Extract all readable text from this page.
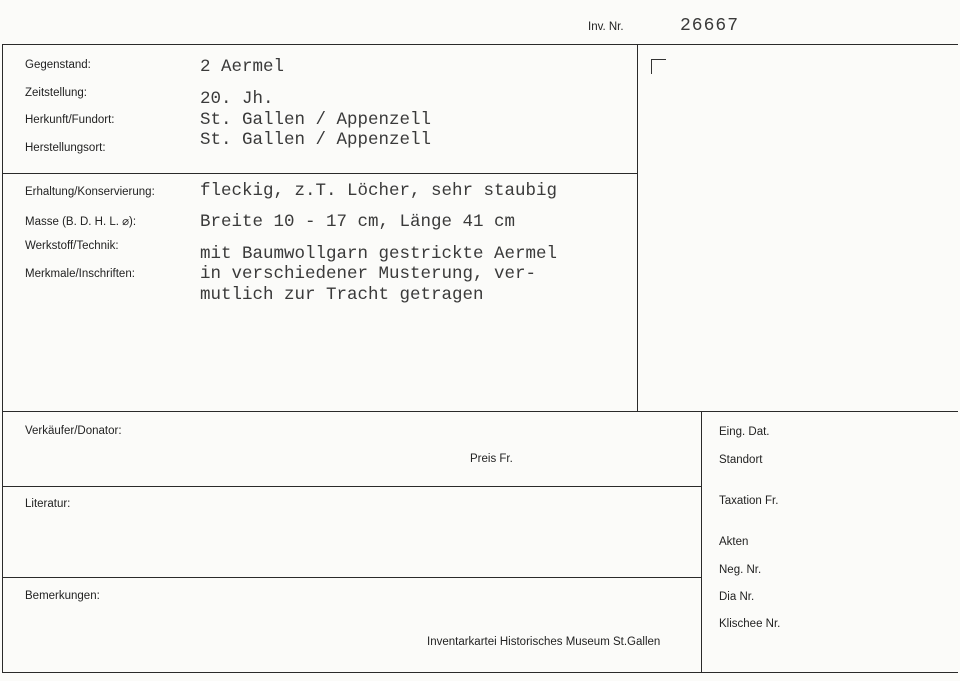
Inv. Nr.	26667
Gegenstand:
Zeitstellung:
Herkunft/Fundort:
Herstellungsort:
2 Aermel
20. Jh.
St. Gallen / Appenzell
St. Gallen / Appenzell
Erhaltung/Konservierung:
Masse (B. D. H. L. ⌀):
Werkstoff/Technik:
Merkmale/Inschriften:
fleckig, z.T. Löcher, sehr staubig
Breite 10 - 17 cm, Länge 41 cm
mit Baumwollgarn gestrickte Aermel
in verschiedener Musterung, ver-
mutlich zur Tracht getragen
Verkäufer/Donator:
Preis Fr.
Literatur:
Bemerkungen:
Inventarkartei Historisches Museum St.Gallen
Eing. Dat.
Standort
Taxation Fr.
Akten
Neg. Nr.
Dia Nr.
Klischee Nr.
